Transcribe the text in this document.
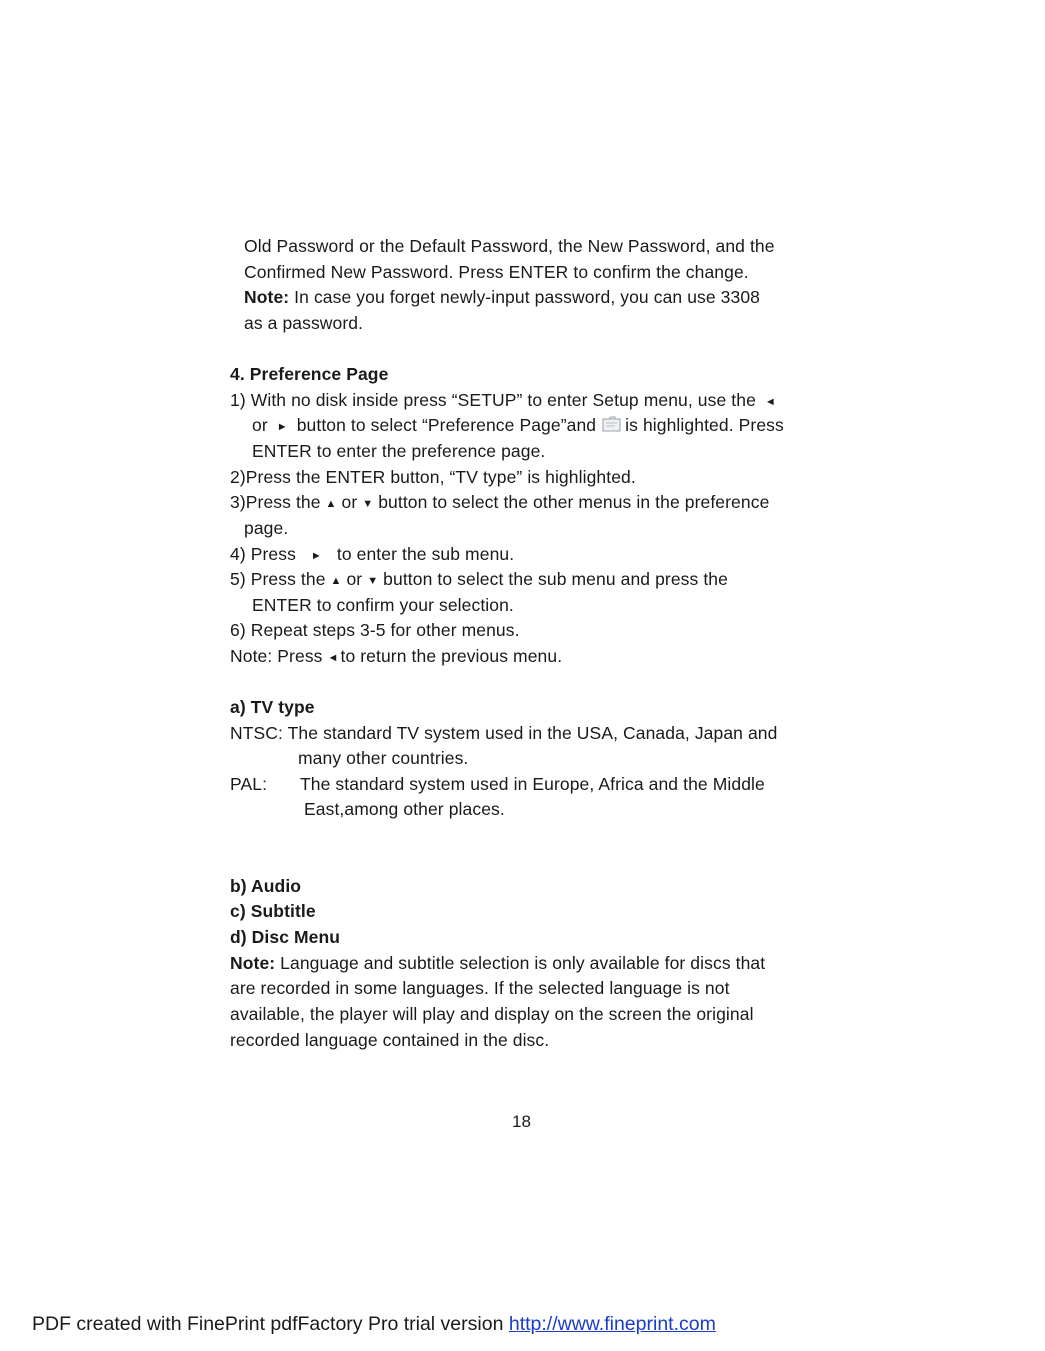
Old Password or the Default Password, the New Password, and the
Confirmed New Password. Press ENTER to confirm the change.
Note: In case you forget newly-input password, you can use 3308
as a password.
4. Preference Page
1) With no disk inside press “SETUP” to enter Setup menu, use the ◄
or ► button to select “Preference Page”and is highlighted. Press
ENTER to enter the preference page.
2)Press the ENTER button, “TV type” is highlighted.
3)Press the ▲ or ▼ button to select the other menus in the preference
page.
4) Press ► to enter the sub menu.
5) Press the ▲ or ▼ button to select the sub menu and press the
ENTER to confirm your selection.
6) Repeat steps 3-5 for other menus.
Note: Press ◄ to return the previous menu.
a) TV type
NTSC: The standard TV system used in the USA, Canada, Japan and
many other countries.
PAL: The standard system used in Europe, Africa and the Middle
East,among other places.
b) Audio
c) Subtitle
d) Disc Menu
Note: Language and subtitle selection is only available for discs that
are recorded in some languages. If the selected language is not
available, the player will play and display on the screen the original
recorded language contained in the disc.
18
PDF created with FinePrint pdfFactory Pro trial version http://www.fineprint.com
